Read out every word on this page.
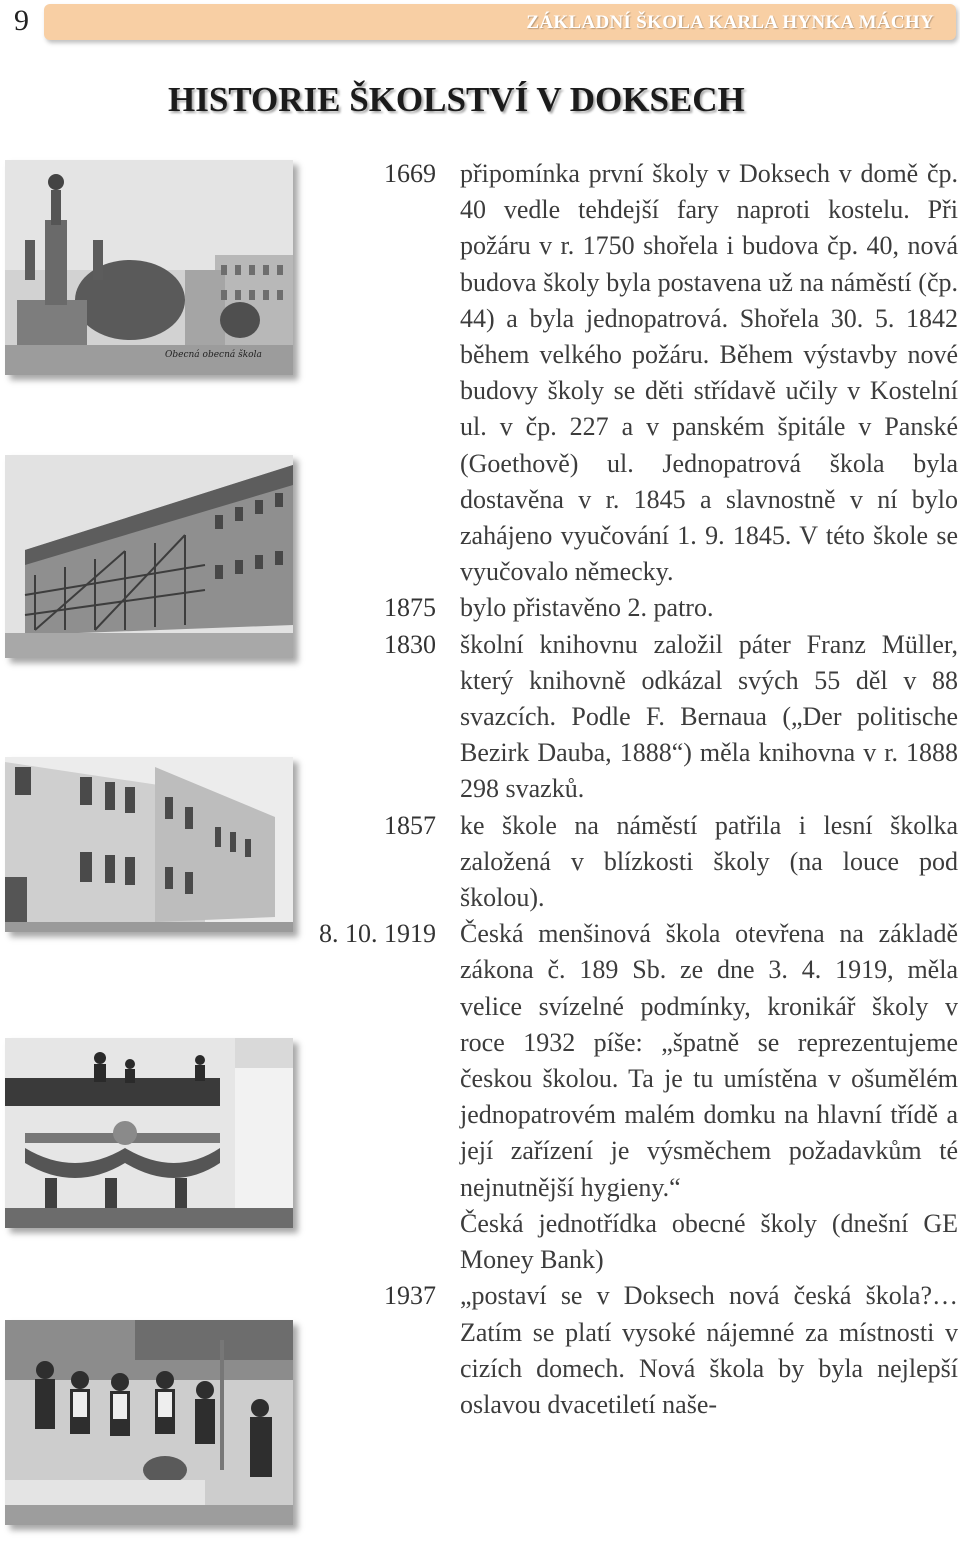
9	ZÁKLADNÍ ŠKOLA KARLA HYNKA MÁCHY
HISTORIE ŠKOLSTVÍ V DOKSECH
Obecná obecná škola
1669 připomínka první školy v Doksech v domě čp. 40 vedle tehdejší fary naproti kostelu. Při požáru v r. 1750 shořela i budova čp. 40, nová budova školy byla postavena už na náměstí (čp. 44) a byla jednopatrová. Shořela 30. 5. 1842 během velkého požáru. Během výstavby nové budovy školy se děti střídavě učily v Kostelní ul. v čp. 227 a v panském špitále v Panské (Goethově) ul. Jednopatrová škola byla dostavěna v r. 1845 a slavnostně v ní bylo zahájeno vyučování 1. 9. 1845. V této škole se vyučovalo německy.
1875 bylo přistavěno 2. patro.
1830 školní knihovnu založil páter Franz Müller, který knihovně odkázal svých 55 děl v 88 svazcích. Podle F. Bernaua („Der politische Bezirk Dauba, 1888“) měla knihovna v r. 1888 298 svazků.
1857 ke škole na náměstí patřila i lesní školka založená v blízkosti školy (na louce pod školou).
8. 10. 1919 Česká menšinová škola otevřena na základě zákona č. 189 Sb. ze dne 3. 4. 1919, měla velice svízelné podmínky, kronikář školy v roce 1932 píše: „špatně se reprezentujeme českou školou. Ta je tu umístěna v ošumělém jednopatrovém malém domku na hlavní třídě a její zařízení je výsměchem požadavkům té nejnutnější hygieny.“
Česká jednotřídka obecné školy (dnešní GE Money Bank)
1937 „postaví se v Doksech nová česká škola?… Zatím se platí vysoké nájemné za místnosti v cizích domech. Nová škola by byla nejlepší oslavou dvacetiletí naše-
